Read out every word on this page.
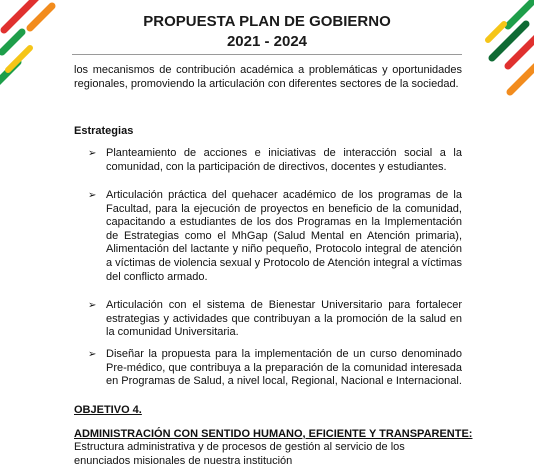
PROPUESTA PLAN DE GOBIERNO
2021 - 2024
los mecanismos de contribución académica a problemáticas y oportunidades regionales, promoviendo la articulación con diferentes sectores de la sociedad.
Estrategias
➢ Planteamiento de acciones e iniciativas de interacción social a la comunidad, con la participación de directivos, docentes y estudiantes.
➢ Articulación práctica del quehacer académico de los programas de la Facultad, para la ejecución de proyectos en beneficio de la comunidad, capacitando a estudiantes de los dos Programas en la Implementación de Estrategias como el MhGap (Salud Mental en Atención primaria), Alimentación del lactante y niño pequeño, Protocolo integral de atención a víctimas de violencia sexual y Protocolo de Atención integral a víctimas del conflicto armado.
➢ Articulación con el sistema de Bienestar Universitario para fortalecer estrategias y actividades que contribuyan a la promoción de la salud en la comunidad Universitaria.
➢ Diseñar la propuesta para la implementación de un curso denominado Pre-médico, que contribuya a la preparación de la comunidad interesada en Programas de Salud, a nivel local, Regional, Nacional e Internacional.
OBJETIVO 4.
ADMINISTRACIÓN CON SENTIDO HUMANO, EFICIENTE Y TRANSPARENTE:
Estructura administrativa y de procesos de gestión al servicio de los enunciados misionales de nuestra institución
